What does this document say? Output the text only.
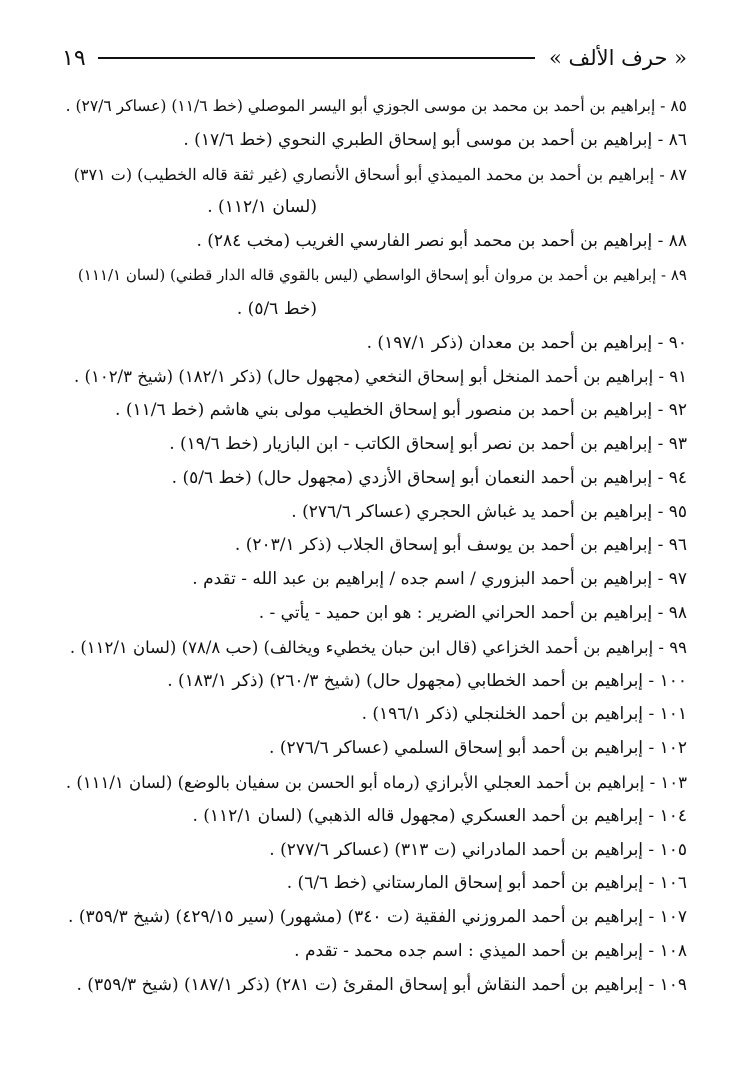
« حرف الألف »
١٩
٨٥ - إبراهيم بن أحمد بن محمد بن موسى الجوزي أبو اليسر الموصلي (خط ١١/٦) (عساكر ٢٧/٦) .
٨٦ - إبراهيم بن أحمد بن موسى أبو إسحاق الطبري النحوي (خط ١٧/٦) .
٨٧ - إبراهيم بن أحمد بن محمد الميمذي أبو أسحاق الأنصاري (غير ثقة قاله الخطيب) (ت ٣٧١)
(لسان ١١٢/١) .
٨٨ - إبراهيم بن أحمد بن محمد أبو نصر الفارسي الغريب (مخب ٢٨٤) .
٨٩ - إبراهيم بن أحمد بن مروان أبو إسحاق الواسطي (ليس بالقوي قاله الدار قطني) (لسان ١١١/١)
(خط ٥/٦) .
٩٠ - إبراهيم بن أحمد بن معدان (ذكر ١٩٧/١) .
٩١ - إبراهيم بن أحمد المنخل أبو إسحاق النخعي (مجهول حال) (ذكر ١٨٢/١) (شيخ ١٠٢/٣) .
٩٢ - إبراهيم بن أحمد بن منصور أبو إسحاق الخطيب مولى بني هاشم (خط ١١/٦) .
٩٣ - إبراهيم بن أحمد بن نصر أبو إسحاق الكاتب - ابن البازيار (خط ١٩/٦) .
٩٤ - إبراهيم بن أحمد النعمان أبو إسحاق الأزدي (مجهول حال) (خط ٥/٦) .
٩٥ - إبراهيم بن أحمد يد غباش الحجري (عساكر ٢٧٦/٦) .
٩٦ - إبراهيم بن أحمد بن يوسف أبو إسحاق الجلاب (ذكر ٢٠٣/١) .
٩٧ - إبراهيم بن أحمد البزوري / اسم جده / إبراهيم بن عبد الله - تقدم .
٩٨ - إبراهيم بن أحمد الحراني الضرير : هو ابن حميد - يأتي - .
٩٩ - إبراهيم بن أحمد الخزاعي (قال ابن حبان يخطيء ويخالف) (حب ٧٨/٨) (لسان ١١٢/١) .
١٠٠ - إبراهيم بن أحمد الخطابي (مجهول حال) (شيخ ٢٦٠/٣) (ذكر ١٨٣/١) .
١٠١ - إبراهيم بن أحمد الخلنجلي (ذكر ١٩٦/١) .
١٠٢ - إبراهيم بن أحمد أبو إسحاق السلمي (عساكر ٢٧٦/٦) .
١٠٣ - إبراهيم بن أحمد العجلي الأبرازي (رماه أبو الحسن بن سفيان بالوضع) (لسان ١١١/١) .
١٠٤ - إبراهيم بن أحمد العسكري (مجهول قاله الذهبي) (لسان ١١٢/١) .
١٠٥ - إبراهيم بن أحمد المادراني (ت ٣١٣) (عساكر ٢٧٧/٦) .
١٠٦ - إبراهيم بن أحمد أبو إسحاق المارستاني (خط ٦/٦) .
١٠٧ - إبراهيم بن أحمد المروزني الفقية (ت ٣٤٠) (مشهور) (سير ٤٢٩/١٥) (شيخ ٣٥٩/٣) .
١٠٨ - إبراهيم بن أحمد الميذي : اسم جده محمد - تقدم .
١٠٩ - إبراهيم بن أحمد النقاش أبو إسحاق المقرئ (ت ٢٨١) (ذكر ١٨٧/١) (شيخ ٣٥٩/٣) .
